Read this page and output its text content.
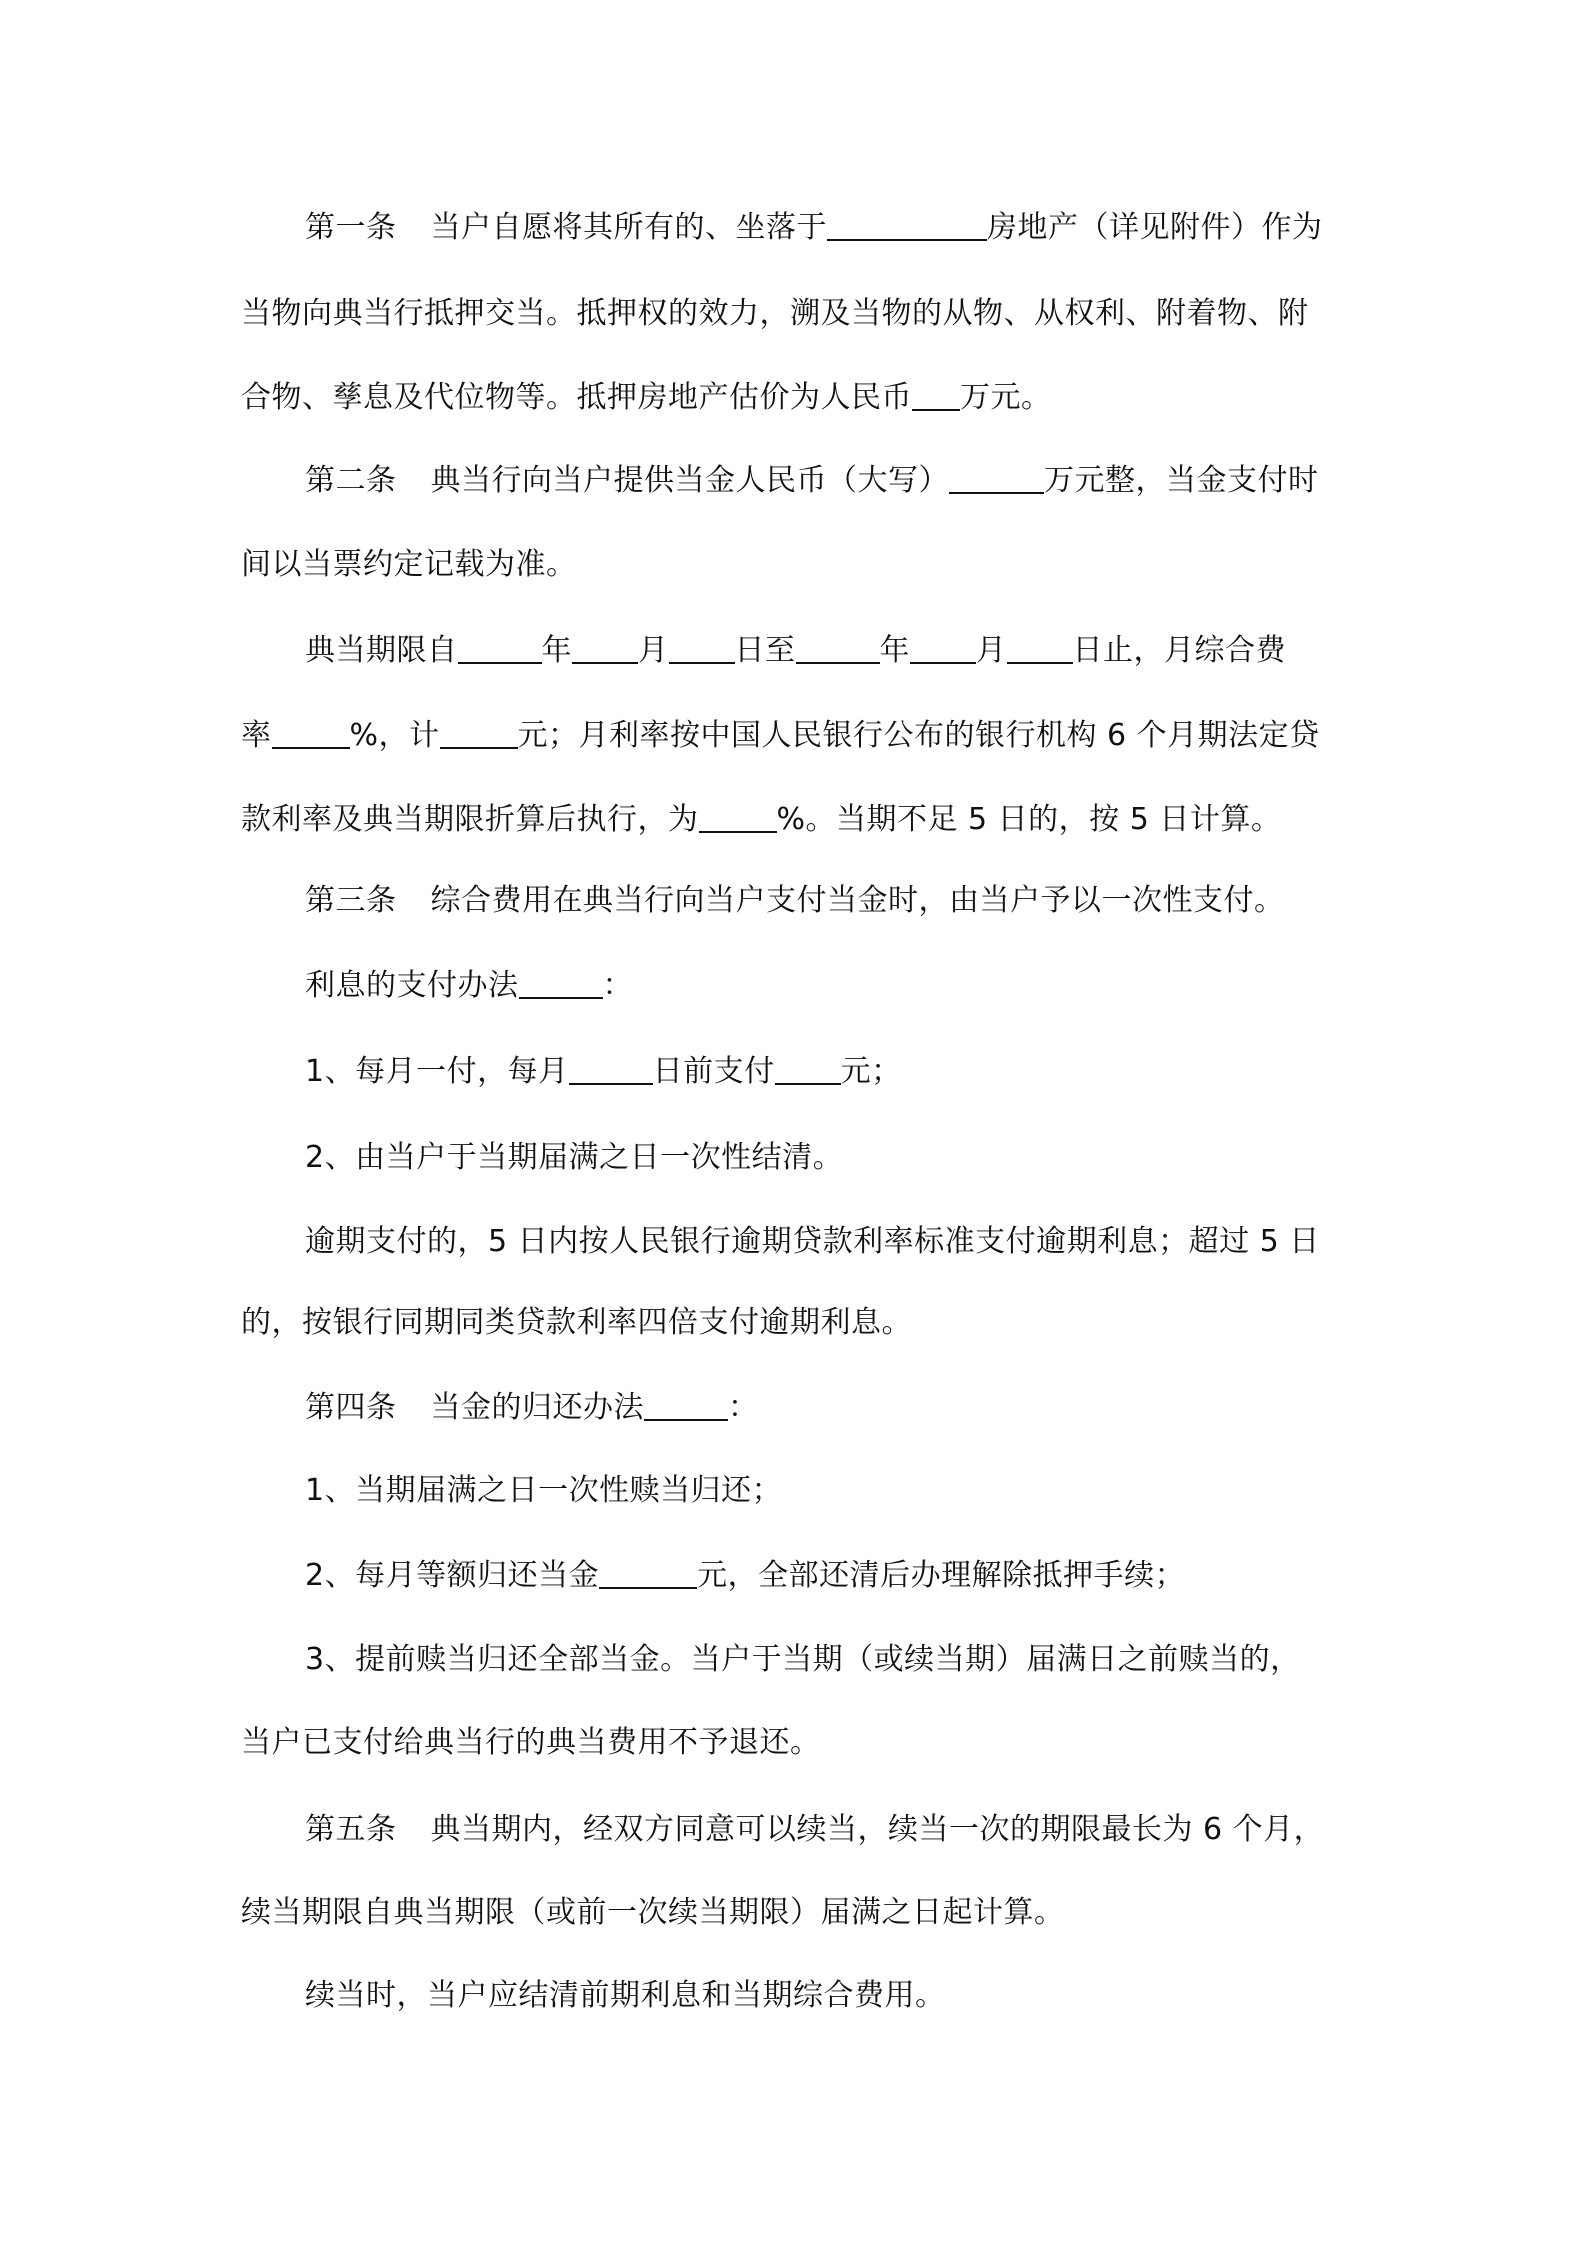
第一条 当户自愿将其所有的、坐落于	房地产（详见附件）作为
当物向典当行抵押交当。抵押权的效力，溯及当物的从物、从权利、附着物、附
合物、孳息及代位物等。抵押房地产估价为人民币 万元。
第二条 典当行向当户提供当金人民币（大写）	万元整，当金支付时
间以当票约定记载为准。
典当期限自	年 月 日至	年 月 日止，月综合费
率	%，计	元；月利率按中国人民银行公布的银行机构 6 个月期法定贷
款利率及典当期限折算后执行，为	%。当期不足 5 日的，按 5 日计算。
第三条 综合费用在典当行向当户支付当金时，由当户予以一次性支付。
利息的支付办法	：
1、每月一付，每月	日前支付 元；
2、由当户于当期届满之日一次性结清。
逾期支付的，5 日内按人民银行逾期贷款利率标准支付逾期利息；超过 5 日
的，按银行同期同类贷款利率四倍支付逾期利息。
第四条 当金的归还办法	：
1、当期届满之日一次性赎当归还；
2、每月等额归还当金	元，全部还清后办理解除抵押手续；
3、提前赎当归还全部当金。当户于当期（或续当期）届满日之前赎当的，
当户已支付给典当行的典当费用不予退还。
第五条 典当期内，经双方同意可以续当，续当一次的期限最长为 6 个月，
续当期限自典当期限（或前一次续当期限）届满之日起计算。
续当时，当户应结清前期利息和当期综合费用。
